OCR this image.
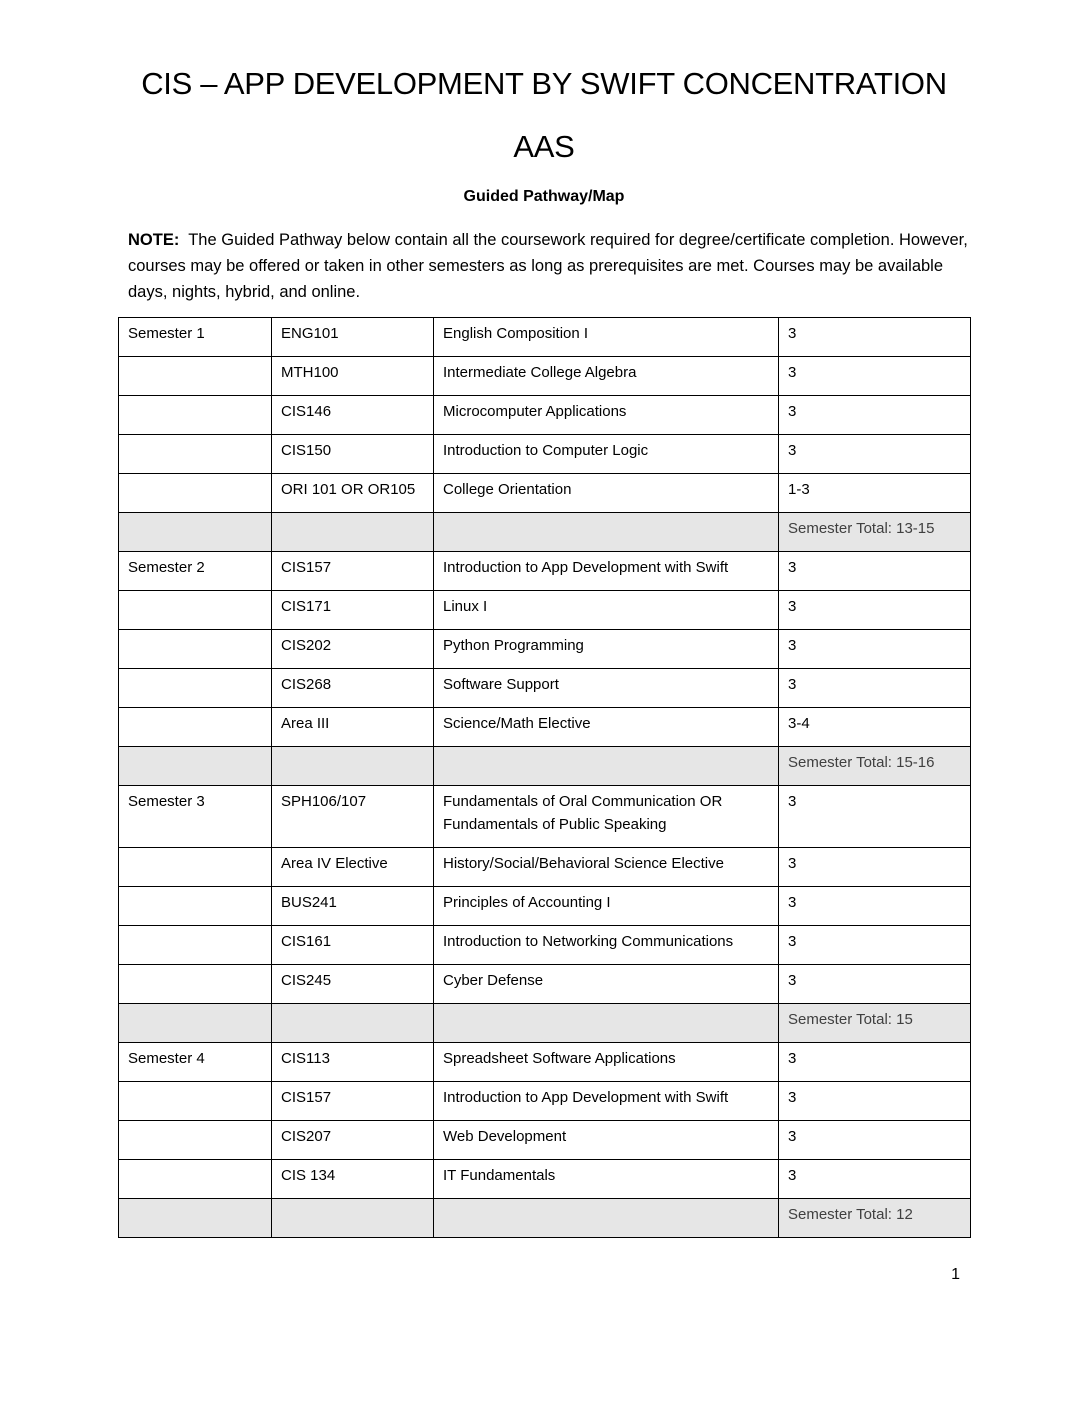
CIS – APP DEVELOPMENT BY SWIFT CONCENTRATION
AAS
Guided Pathway/Map

NOTE: The Guided Pathway below contain all the coursework required for degree/certificate completion. However, courses may be offered or taken in other semesters as long as prerequisites are met. Courses may be available days, nights, hybrid, and online.

Semester 1	ENG101	English Composition I	3
	MTH100	Intermediate College Algebra	3
	CIS146	Microcomputer Applications	3
	CIS150	Introduction to Computer Logic	3
	ORI 101 OR OR105	College Orientation	1-3
			Semester Total: 13-15
Semester 2	CIS157	Introduction to App Development with Swift	3
	CIS171	Linux I	3
	CIS202	Python Programming	3
	CIS268	Software Support	3
	Area III	Science/Math Elective	3-4
			Semester Total: 15-16
Semester 3	SPH106/107	Fundamentals of Oral Communication OR Fundamentals of Public Speaking	3
	Area IV Elective	History/Social/Behavioral Science Elective	3
	BUS241	Principles of Accounting I	3
	CIS161	Introduction to Networking Communications	3
	CIS245	Cyber Defense	3
			Semester Total: 15
Semester 4	CIS113	Spreadsheet Software Applications	3
	CIS157	Introduction to App Development with Swift	3
	CIS207	Web Development	3
	CIS 134	IT Fundamentals	3
			Semester Total: 12
1
